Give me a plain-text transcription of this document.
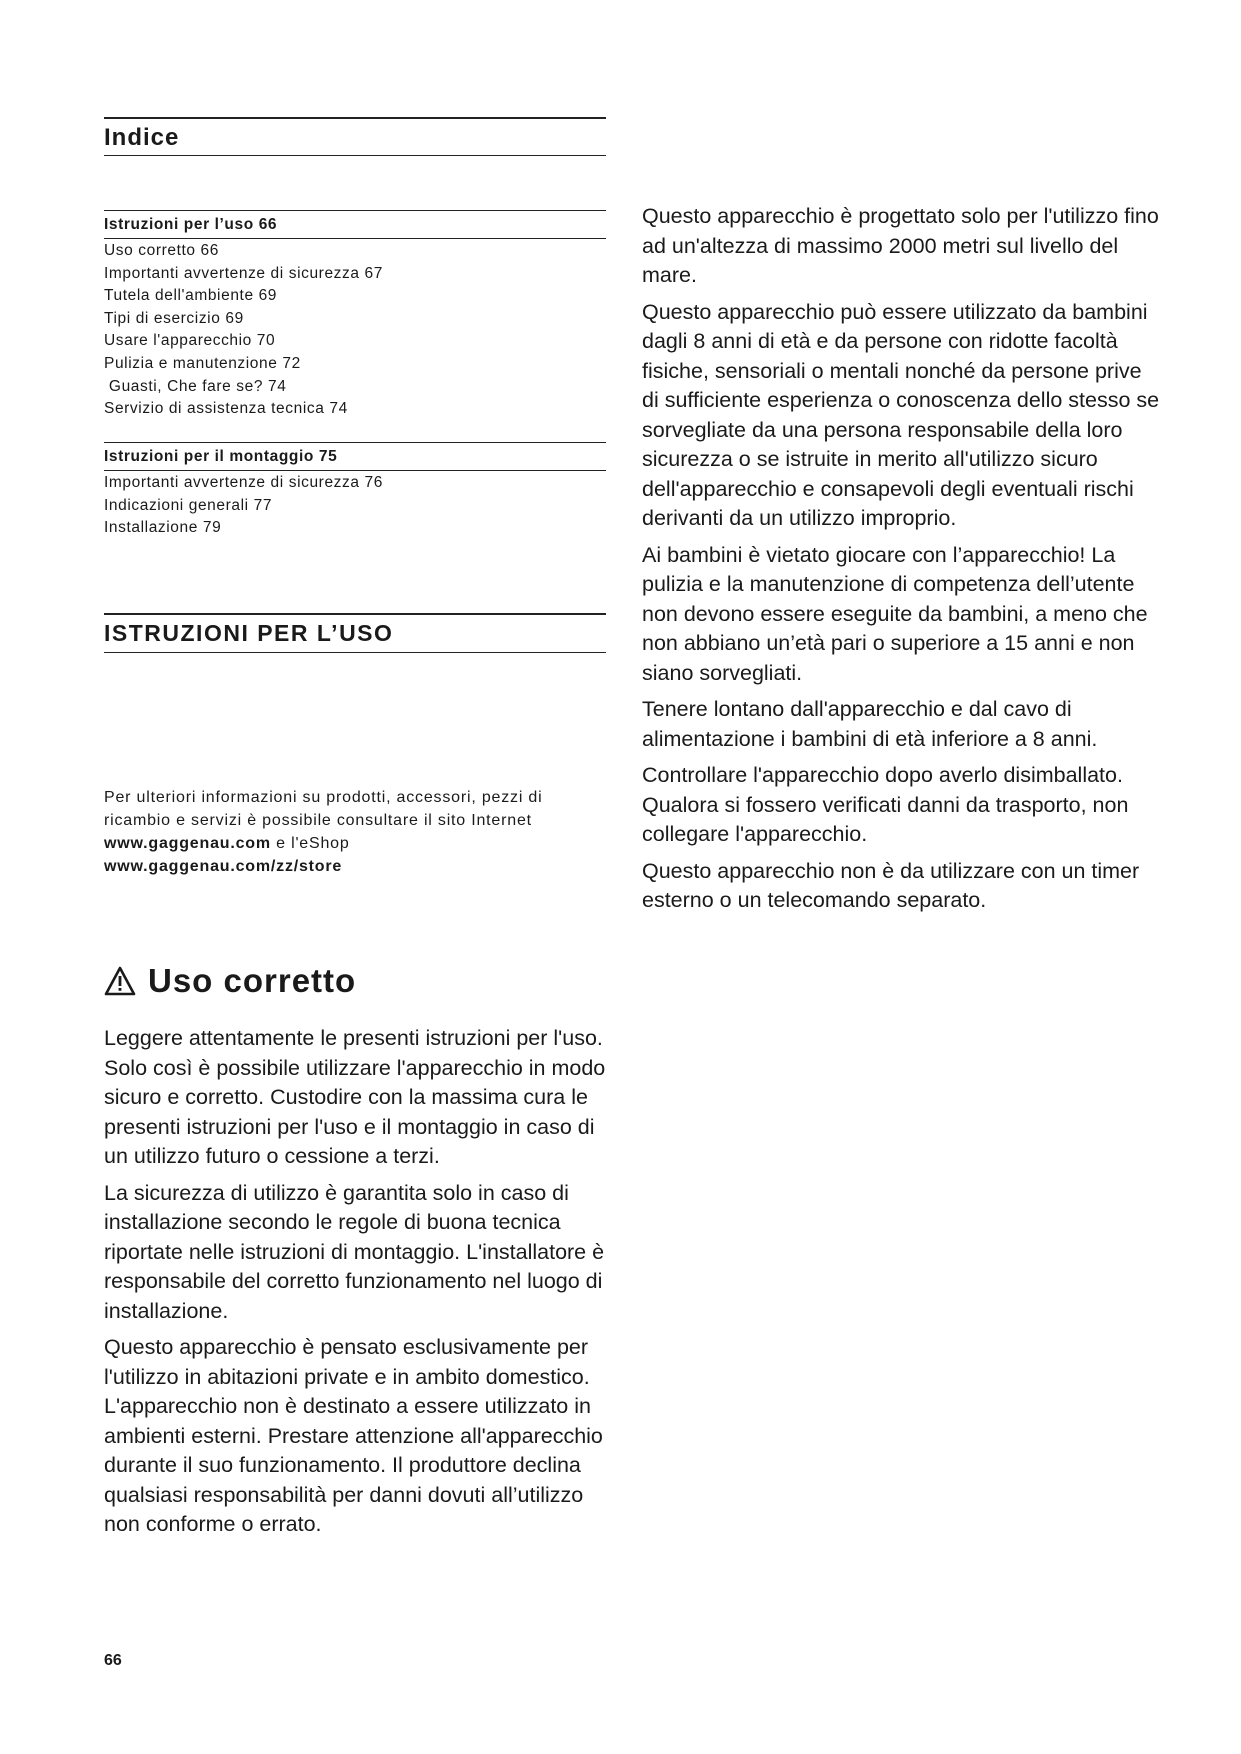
Indice
Istruzioni per l’uso 66
Uso corretto 66
Importanti avvertenze di sicurezza 67
Tutela dell'ambiente 69
Tipi di esercizio 69
Usare l'apparecchio 70
Pulizia e manutenzione 72
Guasti, Che fare se? 74
Servizio di assistenza tecnica 74
Istruzioni per il montaggio 75
Importanti avvertenze di sicurezza 76
Indicazioni generali 77
Installazione 79
ISTRUZIONI PER L’USO
Per ulteriori informazioni su prodotti, accessori, pezzi di ricambio e servizi è possibile consultare il sito Internet
www.gaggenau.com e l'eShop
www.gaggenau.com/zz/store
Uso corretto

Leggere attentamente le presenti istruzioni per l'uso. Solo così è possibile utilizzare l'apparecchio in modo sicuro e corretto. Custodire con la massima cura le presenti istruzioni per l'uso e il montaggio in caso di un utilizzo futuro o cessione a terzi.

La sicurezza di utilizzo è garantita solo in caso di installazione secondo le regole di buona tecnica riportate nelle istruzioni di montaggio. L'installatore è responsabile del corretto funzionamento nel luogo di installazione.

Questo apparecchio è pensato esclusivamente per l'utilizzo in abitazioni private e in ambito domestico. L'apparecchio non è destinato a essere utilizzato in ambienti esterni. Prestare attenzione all'apparecchio durante il suo funzionamento. Il produttore declina qualsiasi responsabilità per danni dovuti all’utilizzo non conforme o errato.

Questo apparecchio è progettato solo per l'utilizzo fino ad un'altezza di massimo 2000 metri sul livello del mare.

Questo apparecchio può essere utilizzato da bambini dagli 8 anni di età e da persone con ridotte facoltà fisiche, sensoriali o mentali nonché da persone prive di sufficiente esperienza o conoscenza dello stesso se sorvegliate da una persona responsabile della loro sicurezza o se istruite in merito all'utilizzo sicuro dell'apparecchio e consapevoli degli eventuali rischi derivanti da un utilizzo improprio.

Ai bambini è vietato giocare con l’apparecchio! La pulizia e la manutenzione di competenza dell’utente non devono essere eseguite da bambini, a meno che non abbiano un’età pari o superiore a 15 anni e non siano sorvegliati.

Tenere lontano dall'apparecchio e dal cavo di alimentazione i bambini di età inferiore a 8 anni.

Controllare l'apparecchio dopo averlo disimballato. Qualora si fossero verificati danni da trasporto, non collegare l'apparecchio.

Questo apparecchio non è da utilizzare con un timer esterno o un telecomando separato.

66
